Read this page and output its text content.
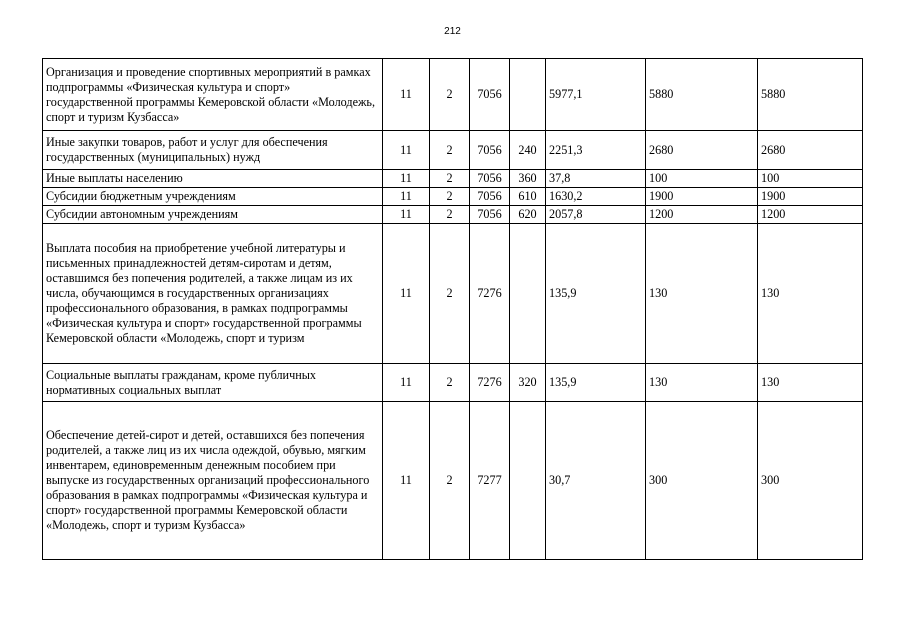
212
Организация и проведение спортивных мероприятий в рамках подпрограммы «Физическая культура и спорт» государственной программы Кемеровской области «Молодежь, спорт и туризм Кузбасса»	11	2	7056		5977,1	5880	5880
Иные закупки товаров, работ и услуг для обеспечения государственных (муниципальных) нужд	11	2	7056	240	2251,3	2680	2680
Иные выплаты населению	11	2	7056	360	37,8	100	100
Субсидии бюджетным учреждениям	11	2	7056	610	1630,2	1900	1900
Субсидии автономным учреждениям	11	2	7056	620	2057,8	1200	1200
Выплата пособия на приобретение учебной литературы и письменных принадлежностей детям-сиротам и детям, оставшимся без попечения родителей, а также лицам из их числа, обучающимся в государственных организациях профессионального образования, в рамках подпрограммы «Физическая культура и спорт» государственной программы Кемеровской области «Молодежь, спорт и туризм	11	2	7276		135,9	130	130
Социальные выплаты гражданам, кроме публичных нормативных социальных выплат	11	2	7276	320	135,9	130	130
Обеспечение детей-сирот и детей, оставшихся без попечения родителей, а также лиц из их числа одеждой, обувью, мягким инвентарем, единовременным денежным пособием при выпуске из государственных организаций профессионального образования в рамках подпрограммы «Физическая культура и спорт» государственной программы Кемеровской области «Молодежь, спорт и туризм Кузбасса»	11	2	7277		30,7	300	300
